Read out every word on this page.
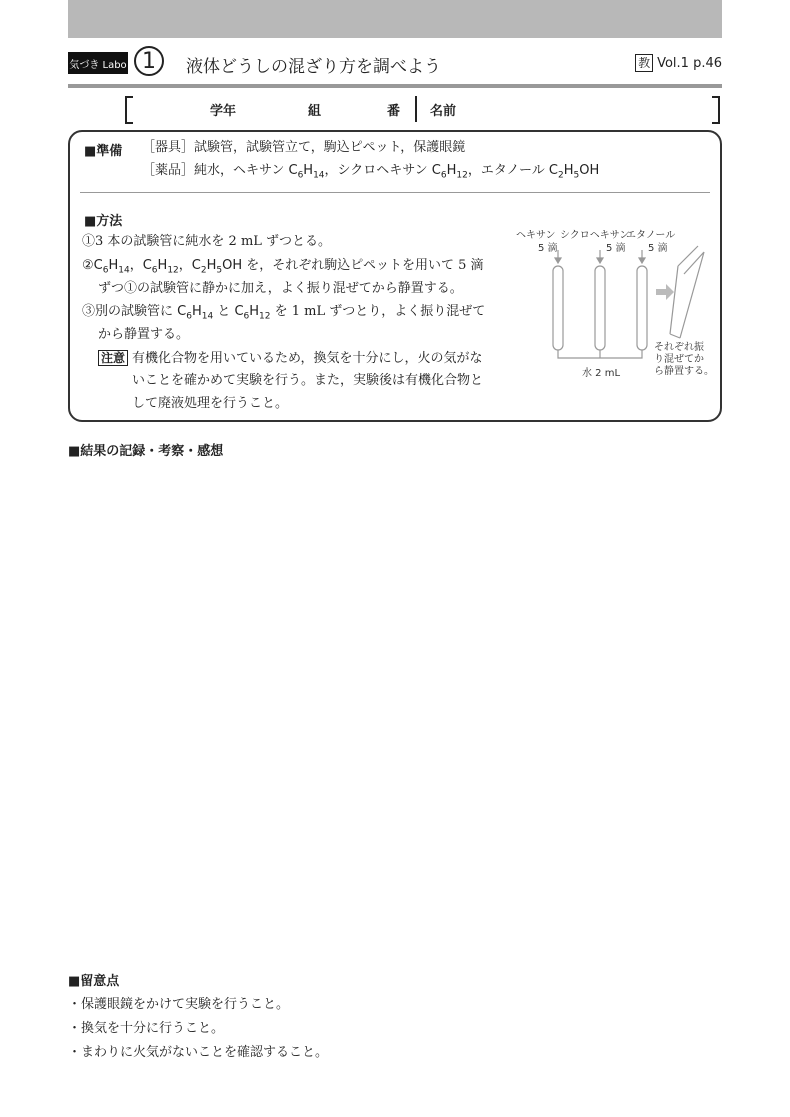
気づき Labo 1	液体どうしの混ざり方を調べよう	教 Vol.1 p.46
学年	組	番 名前
■準備 ［器具］試験管，試験管立て，駒込ピペット，保護眼鏡
［薬品］純水，ヘキサン $C_6H_{14}$，シクロヘキサン $C_6H_{12}$，エタノール $C_2H_5OH$
■方法
①3 本の試験管に純水を 2 mL ずつとる。
$②C_6H_{14}$，$C_6H_{12}$，$C_2H_5OH$ を，それぞれ駒込ピペットを用いて 5 滴
ずつ①の試験管に静かに加え，よく振り混ぜてから静置する。
③別の試験管に $C_6H_{14}$ と $C_6H_{12}$ を 1 mL ずつとり，よく振り混ぜて
から静置する。
注意 有機化合物を用いているため，換気を十分にし，火の気がな
いことを確かめて実験を行う。また，実験後は有機化合物と
して廃液処理を行うこと。
ヘキサン シクロヘキサン
エタノール
5 滴	5 滴 5 滴
水 2 mL
それぞれ振
り混ぜてか
ら静置する。
■結果の記録・考察・感想
■留意点
・保護眼鏡をかけて実験を行うこと。
・換気を十分に行うこと。
・まわりに火気がないことを確認すること。
